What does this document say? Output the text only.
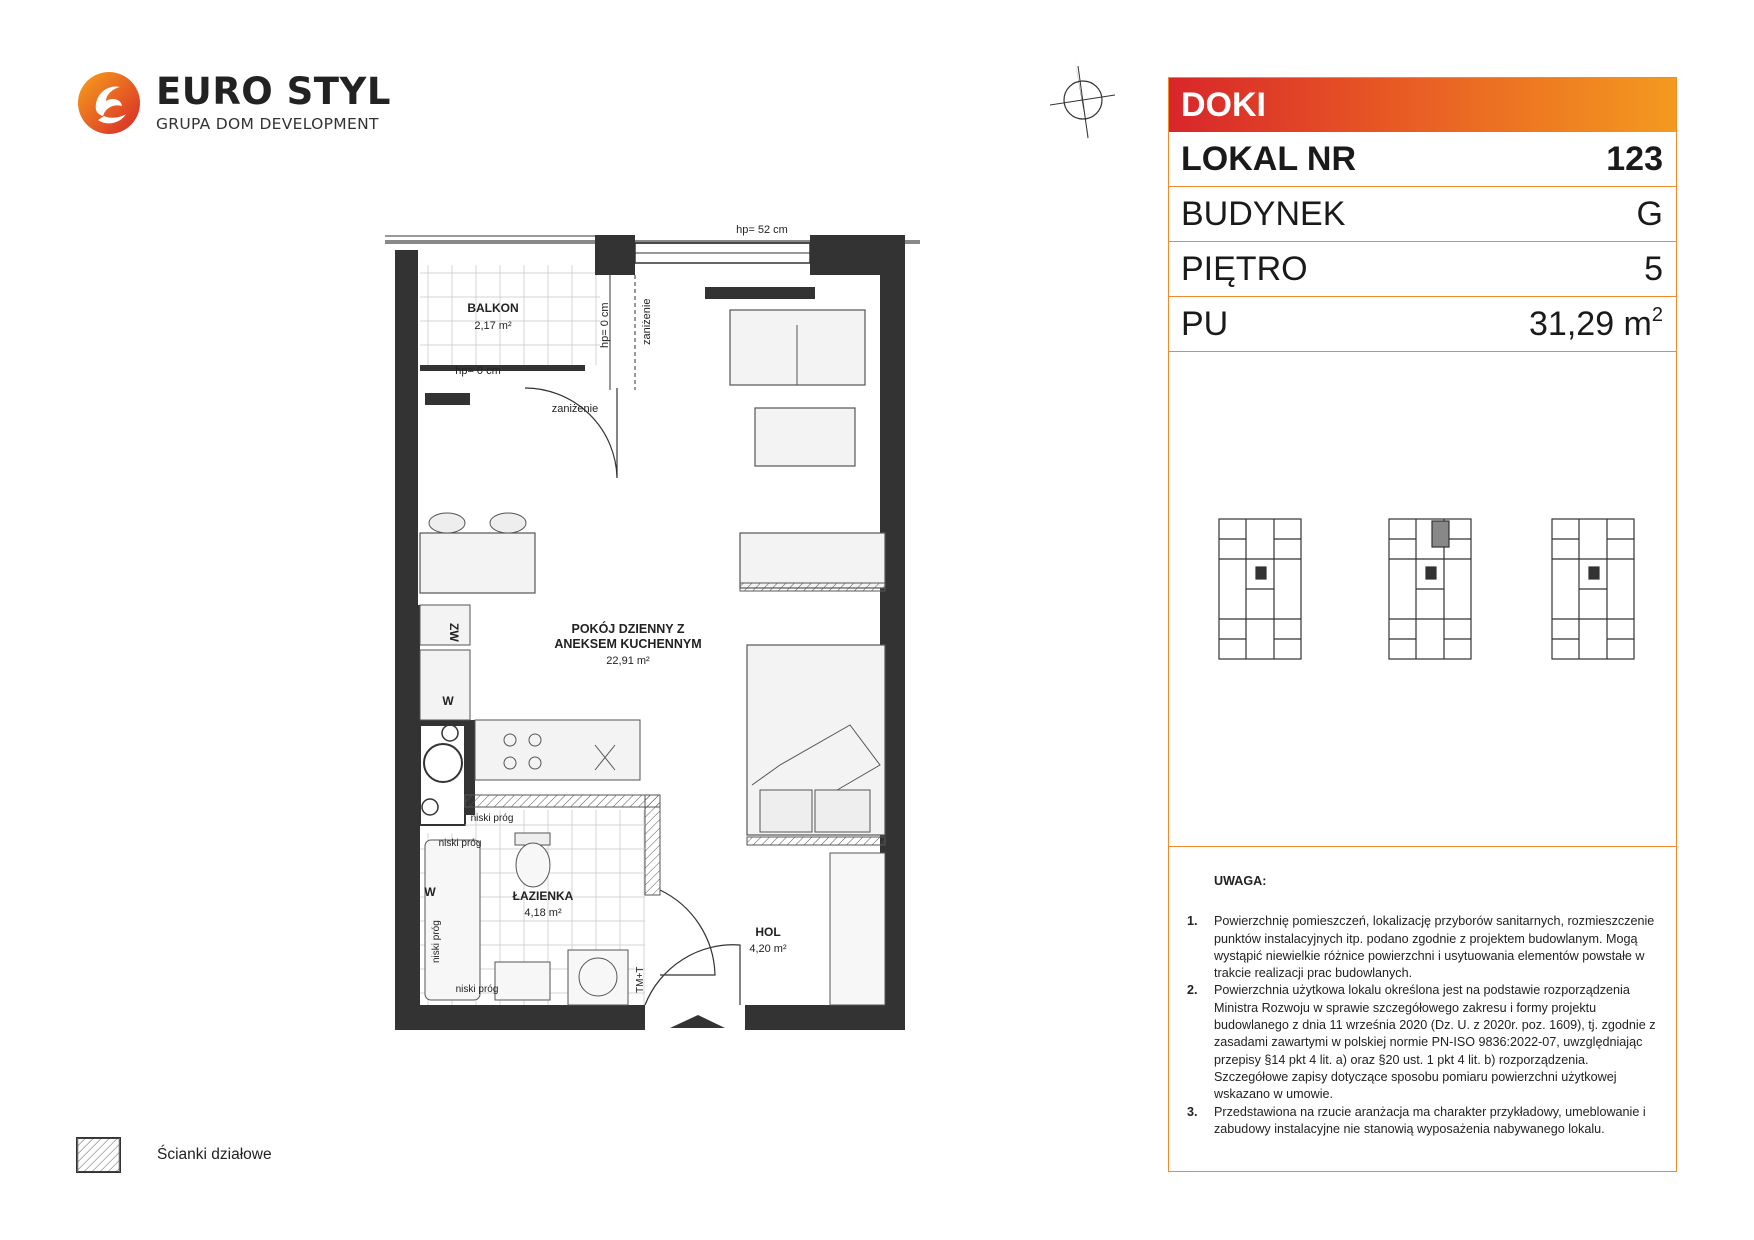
EURO STYL
GRUPA DOM DEVELOPMENT
DOKI
LOKAL NR	123
BUDYNEK	G
PIĘTRO	5
PU	31,29 $m^2$
UWAGA:
1.	Powierzchnię pomieszczeń, lokalizację przyborów sanitarnych, rozmieszczenie punktów instalacyjnych itp. podano zgodnie z projektem budowlanym. Mogą wystąpić niewielkie różnice powierzchni i usytuowania elementów powstałe w trakcie realizacji prac budowlanych.
2.	Powierzchnia użytkowa lokalu określona jest na podstawie rozporządzenia Ministra Rozwoju w sprawie szczegółowego zakresu i formy projektu budowlanego z dnia 11 września 2020 (Dz. U. z 2020r. poz. 1609), tj. zgodnie z zasadami zawartymi w polskiej normie PN-ISO 9836:2022-07, uwzględniając przepisy §14 pkt 4 lit. a) oraz §20 ust. 1 pkt 4 lit. b) rozporządzenia. Szczegółowe zapisy dotyczące sposobu pomiaru powierzchni użytkowej wskazano w umowie.
3.	Przedstawiona na rzucie aranżacja ma charakter przykładowy, umeblowanie i zabudowy instalacyjne nie stanowią wyposażenia nabywanego lokalu.
BALKON
2,17 m²
POKÓJ DZIENNY Z
ANEKSEM KUCHENNYM
22,91 m²
ŁAZIENKA
4,18 m²
HOL
4,20 m²
hp= 52 cm
hp= 0 cm
zaniżenie
niski próg
niski próg
niski próg
W
W
hp= 0 cm	zaniżenie
niski próg
ZW
TM+T
Ścianki działowe
